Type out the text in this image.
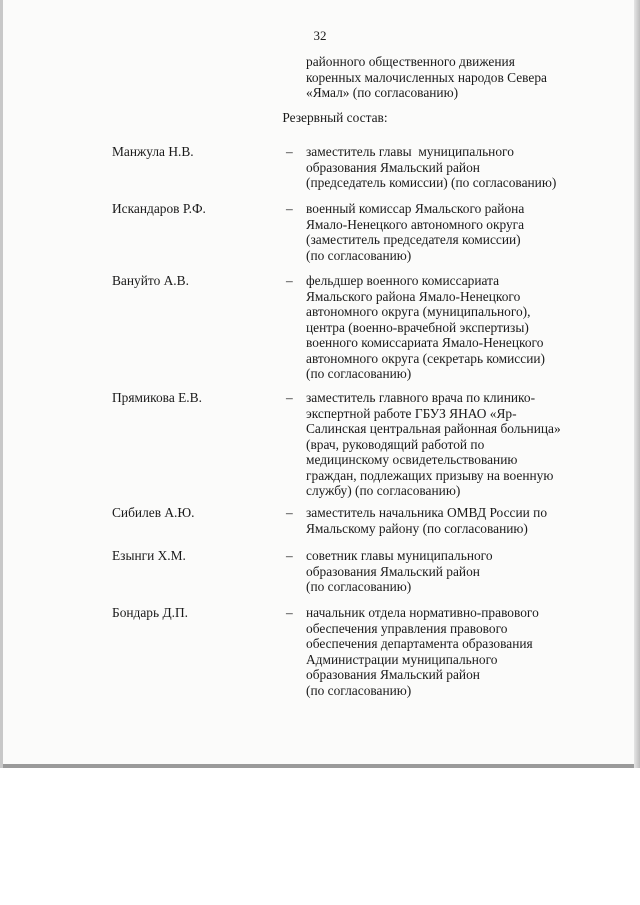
32
районного общественного движения
коренных малочисленных народов Севера
«Ямал» (по согласованию)
Резервный состав:
Манжула Н.В.	– заместитель главы  муниципального
образования Ямальский район
(председатель комиссии) (по согласованию)
Искандаров Р.Ф.	– военный комиссар Ямальского района
Ямало-Ненецкого автономного округа
(заместитель председателя комиссии)
(по согласованию)
Вануйто А.В.	– фельдшер военного комиссариата
Ямальского района Ямало-Ненецкого
автономного округа (муниципального),
центра (военно-врачебной экспертизы)
военного комиссариата Ямало-Ненецкого
автономного округа (секретарь комиссии)
(по согласованию)
Прямикова Е.В.	– заместитель главного врача по клинико-
экспертной работе ГБУЗ ЯНАО «Яр-
Салинская центральная районная больница»
(врач, руководящий работой по
медицинскому освидетельствованию
граждан, подлежащих призыву на военную
службу) (по согласованию)
Сибилев А.Ю.	– заместитель начальника ОМВД России по
Ямальскому району (по согласованию)
Езынги Х.М.	– советник главы муниципального
образования Ямальский район
(по согласованию)
Бондарь Д.П.	– начальник отдела нормативно-правового
обеспечения управления правового
обеспечения департамента образования
Администрации муниципального
образования Ямальский район
(по согласованию)
